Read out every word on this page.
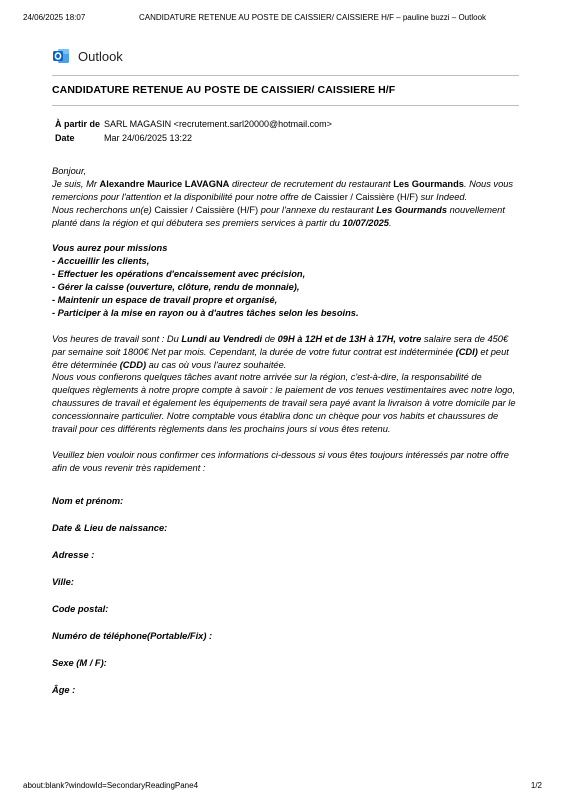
24/06/2025 18:07	CANDIDATURE RETENUE AU POSTE DE CAISSIER/ CAISSIERE H/F – pauline buzzi – Outlook
Outlook
CANDIDATURE RETENUE AU POSTE DE CAISSIER/ CAISSIERE H/F
À partir de SARL MAGASIN <recrutement.sarl20000@hotmail.com>
Date	Mar 24/06/2025 13:22

Bonjour,

Je suis, Mr Alexandre Maurice LAVAGNA directeur de recrutement du restaurant Les Gourmands. Nous vous remercions pour l'attention et la disponibilité pour notre offre de Caissier / Caissière (H/F) sur Indeed.

Nous recherchons un(e) Caissier / Caissière (H/F) pour l'annexe du restaurant Les Gourmands nouvellement planté dans la région et qui débutera ses premiers services à partir du 10/07/2025.

Vous aurez pour missions

- Accueillir les clients,

- Effectuer les opérations d'encaissement avec précision,

- Gérer la caisse (ouverture, clôture, rendu de monnaie),

- Maintenir un espace de travail propre et organisé,

- Participer à la mise en rayon ou à d'autres tâches selon les besoins.

Vos heures de travail sont : Du Lundi au Vendredi de 09H à 12H et de 13H à 17H, votre salaire sera de 450€ par semaine soit 1800€ Net par mois. Cependant, la durée de votre futur contrat est indéterminée (CDI) et peut être déterminée (CDD) au cas où vous l'aurez souhaitée.

Nous vous confierons quelques tâches avant notre arrivée sur la région, c'est-à-dire, la responsabilité de quelques règlements à notre propre compte à savoir : le paiement de vos tenues vestimentaires avec notre logo, chaussures de travail et également les équipements de travail sera payé avant la livraison à votre domicile par le concessionnaire particulier. Notre comptable vous établira donc un chèque pour vos habits et chaussures de travail pour ces différents règlements dans les prochains jours si vous êtes retenu.

Veuillez bien vouloir nous confirmer ces informations ci-dessous si vous êtes toujours intéressés par notre offre afin de vous revenir très rapidement :

Nom et prénom:
Date & Lieu de naissance:
Adresse :
Ville:
Code postal:
Numéro de téléphone(Portable/Fix) :
Sexe (M / F):
Âge :
about:blank?windowId=SecondaryReadingPane4	1/2
